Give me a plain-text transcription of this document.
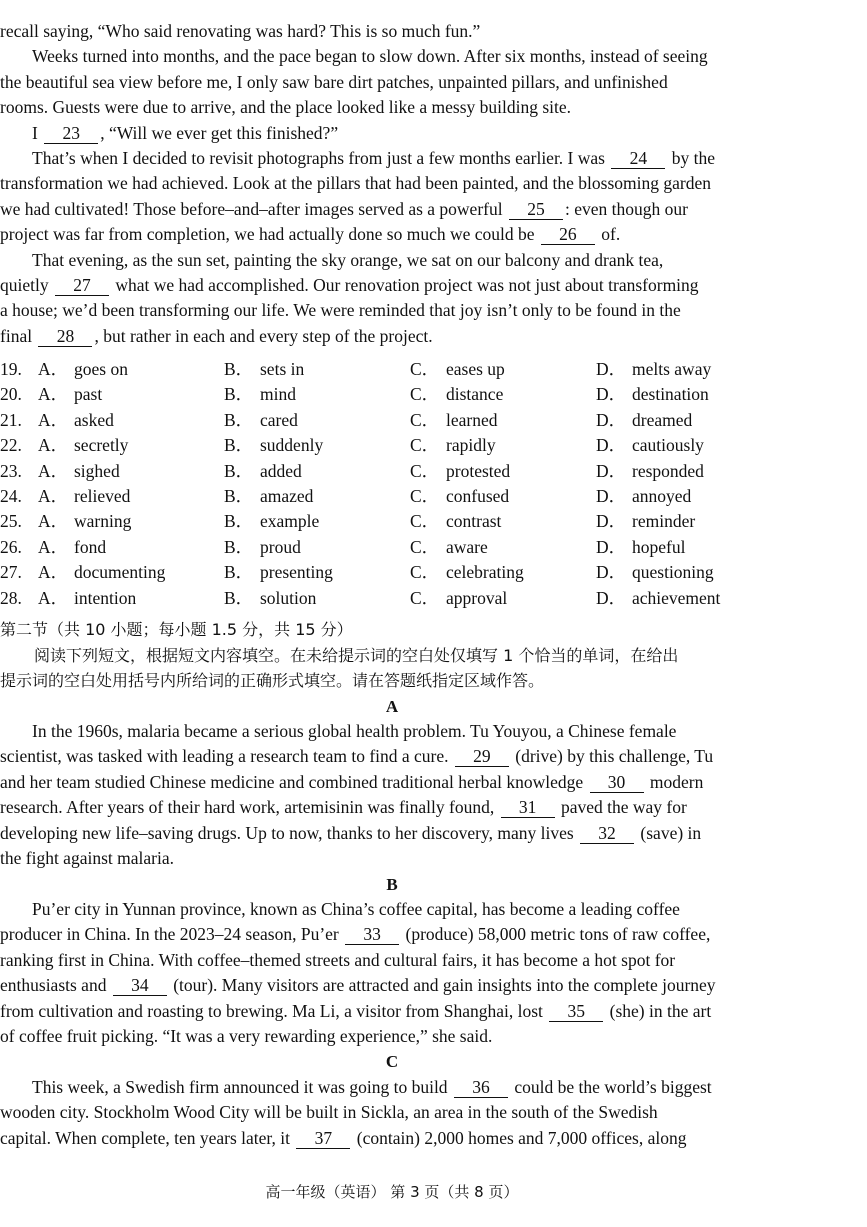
recall saying, “Who said renovating was hard? This is so much fun.”
Weeks turned into months, and the pace began to slow down. After six months, instead of seeing
the beautiful sea view before me, I only saw bare dirt patches, unpainted pillars, and unfinished
rooms. Guests were due to arrive, and the place looked like a messy building site.
I 23 , “Will we ever get this finished?”
That’s when I decided to revisit photographs from just a few months earlier. I was 24 by the
transformation we had achieved. Look at the pillars that had been painted, and the blossoming garden
we had cultivated! Those before–and–after images served as a powerful 25 : even though our
project was far from completion, we had actually done so much we could be 26 of.
That evening, as the sun set, painting the sky orange, we sat on our balcony and drank tea,
quietly 27 what we had accomplished. Our renovation project was not just about transforming
a house; we’d been transforming our life. We were reminded that joy isn’t only to be found in the
final 28 , but rather in each and every step of the project.
19. A． goes on	B． sets in	C． eases up	D． melts away
20. A． past	B． mind	C． distance	D． destination
21. A． asked	B． cared	C． learned	D． dreamed
22. A． secretly	B． suddenly	C． rapidly	D． cautiously
23. A． sighed	B． added	C． protested	D． responded
24. A． relieved	B． amazed	C． confused	D． annoyed
25. A． warning	B． example	C． contrast	D． reminder
26. A． fond	B． proud	C． aware	D． hopeful
27. A． documenting	B． presenting	C． celebrating	D． questioning
28. A． intention	B． solution	C． approval	D． achievement
第二节（共 10 小题；每小题 1.5 分，共 15 分）
阅读下列短文，根据短文内容填空。在未给提示词的空白处仅填写 1 个恰当的单词，在给出
提示词的空白处用括号内所给词的正确形式填空。请在答题纸指定区域作答。
A
In the 1960s, malaria became a serious global health problem. Tu Youyou, a Chinese female
scientist, was tasked with leading a research team to find a cure. 29 (drive) by this challenge, Tu
and her team studied Chinese medicine and combined traditional herbal knowledge 30 modern
research. After years of their hard work, artemisinin was finally found, 31 paved the way for
developing new life–saving drugs. Up to now, thanks to her discovery, many lives 32 (save) in
the fight against malaria.
B
Pu’er city in Yunnan province, known as China’s coffee capital, has become a leading coffee
producer in China. In the 2023–24 season, Pu’er 33 (produce) 58,000 metric tons of raw coffee,
ranking first in China. With coffee–themed streets and cultural fairs, it has become a hot spot for
enthusiasts and 34 (tour). Many visitors are attracted and gain insights into the complete journey
from cultivation and roasting to brewing. Ma Li, a visitor from Shanghai, lost 35 (she) in the art
of coffee fruit picking. “It was a very rewarding experience,” she said.
C
This week, a Swedish firm announced it was going to build 36 could be the world’s biggest
wooden city. Stockholm Wood City will be built in Sickla, an area in the south of the Swedish
capital. When complete, ten years later, it 37 (contain) 2,000 homes and 7,000 offices, along
高一年级（英语） 第 3 页（共 8 页）
